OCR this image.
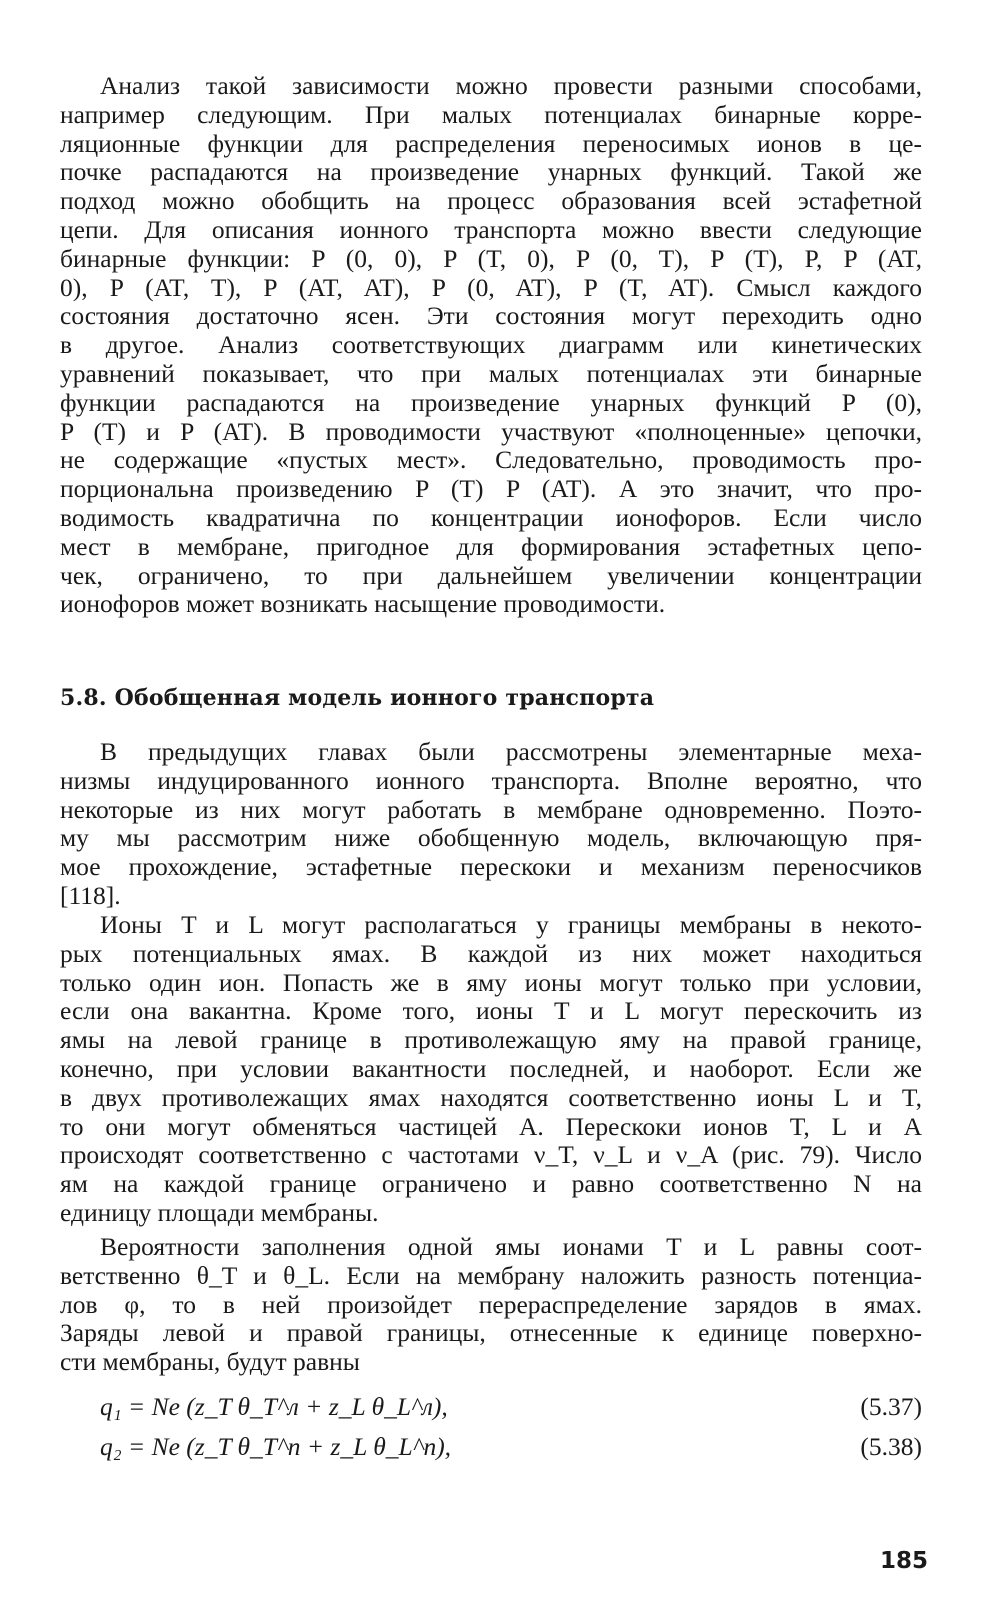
Анализ такой зависимости можно провести разными способами,
например следующим. При малых потенциалах бинарные корре-
ляционные функции для распределения переносимых ионов в це-
почке распадаются на произведение унарных функций. Такой же
подход можно обобщить на процесс образования всей эстафетной
цепи. Для описания ионного транспорта можно ввести следующие
бинарные функции: P (0, 0), P (T, 0), P (0, T), P (T), P, P (AT,
0), P (AT, T), P (AT, AT), P (0, AT), P (T, AT). Смысл каждого
состояния достаточно ясен. Эти состояния могут переходить одно
в другое. Анализ соответствующих диаграмм или кинетических
уравнений показывает, что при малых потенциалах эти бинарные
функции распадаются на произведение унарных функций P (0),
P (T) и P (AT). В проводимости участвуют «полноценные» цепочки,
не содержащие «пустых мест». Следовательно, проводимость про-
порциональна произведению P (T) P (AT). А это значит, что про-
водимость квадратична по концентрации ионофоров. Если число
мест в мембране, пригодное для формирования эстафетных цепо-
чек, ограничено, то при дальнейшем увеличении концентрации
ионофоров может возникать насыщение проводимости.

5.8. Обобщенная модель ионного транспорта

В предыдущих главах были рассмотрены элементарные меха-
низмы индуцированного ионного транспорта. Вполне вероятно, что
некоторые из них могут работать в мембране одновременно. Поэто-
му мы рассмотрим ниже обобщенную модель, включающую пря-
мое прохождение, эстафетные перескоки и механизм переносчиков
[118].

Ионы T и L могут располагаться у границы мембраны в некото-
рых потенциальных ямах. В каждой из них может находиться
только один ион. Попасть же в яму ионы могут только при условии,
если она вакантна. Кроме того, ионы T и L могут перескочить из
ямы на левой границе в противолежащую яму на правой границе,
конечно, при условии вакантности последней, и наоборот. Если же
в двух противолежащих ямах находятся соответственно ионы L и T,
то они могут обменяться частицей A. Перескоки ионов T, L и A
происходят соответственно с частотами ν_T, ν_L и ν_A (рис. 79). Число
ям на каждой границе ограничено и равно соответственно N на
единицу площади мембраны.

Вероятности заполнения одной ямы ионами T и L равны соот-
ветственно θ_T и θ_L. Если на мембрану наложить разность потенциа-
лов φ, то в ней произойдет перераспределение зарядов в ямах.
Заряды левой и правой границы, отнесенные к единице поверхно-
сти мембраны, будут равны

q₁ = Ne (z_T θ_T^л + z_L θ_L^л),	(5.37)
q₂ = Ne (z_T θ_T^п + z_L θ_L^п),	(5.38)
185
